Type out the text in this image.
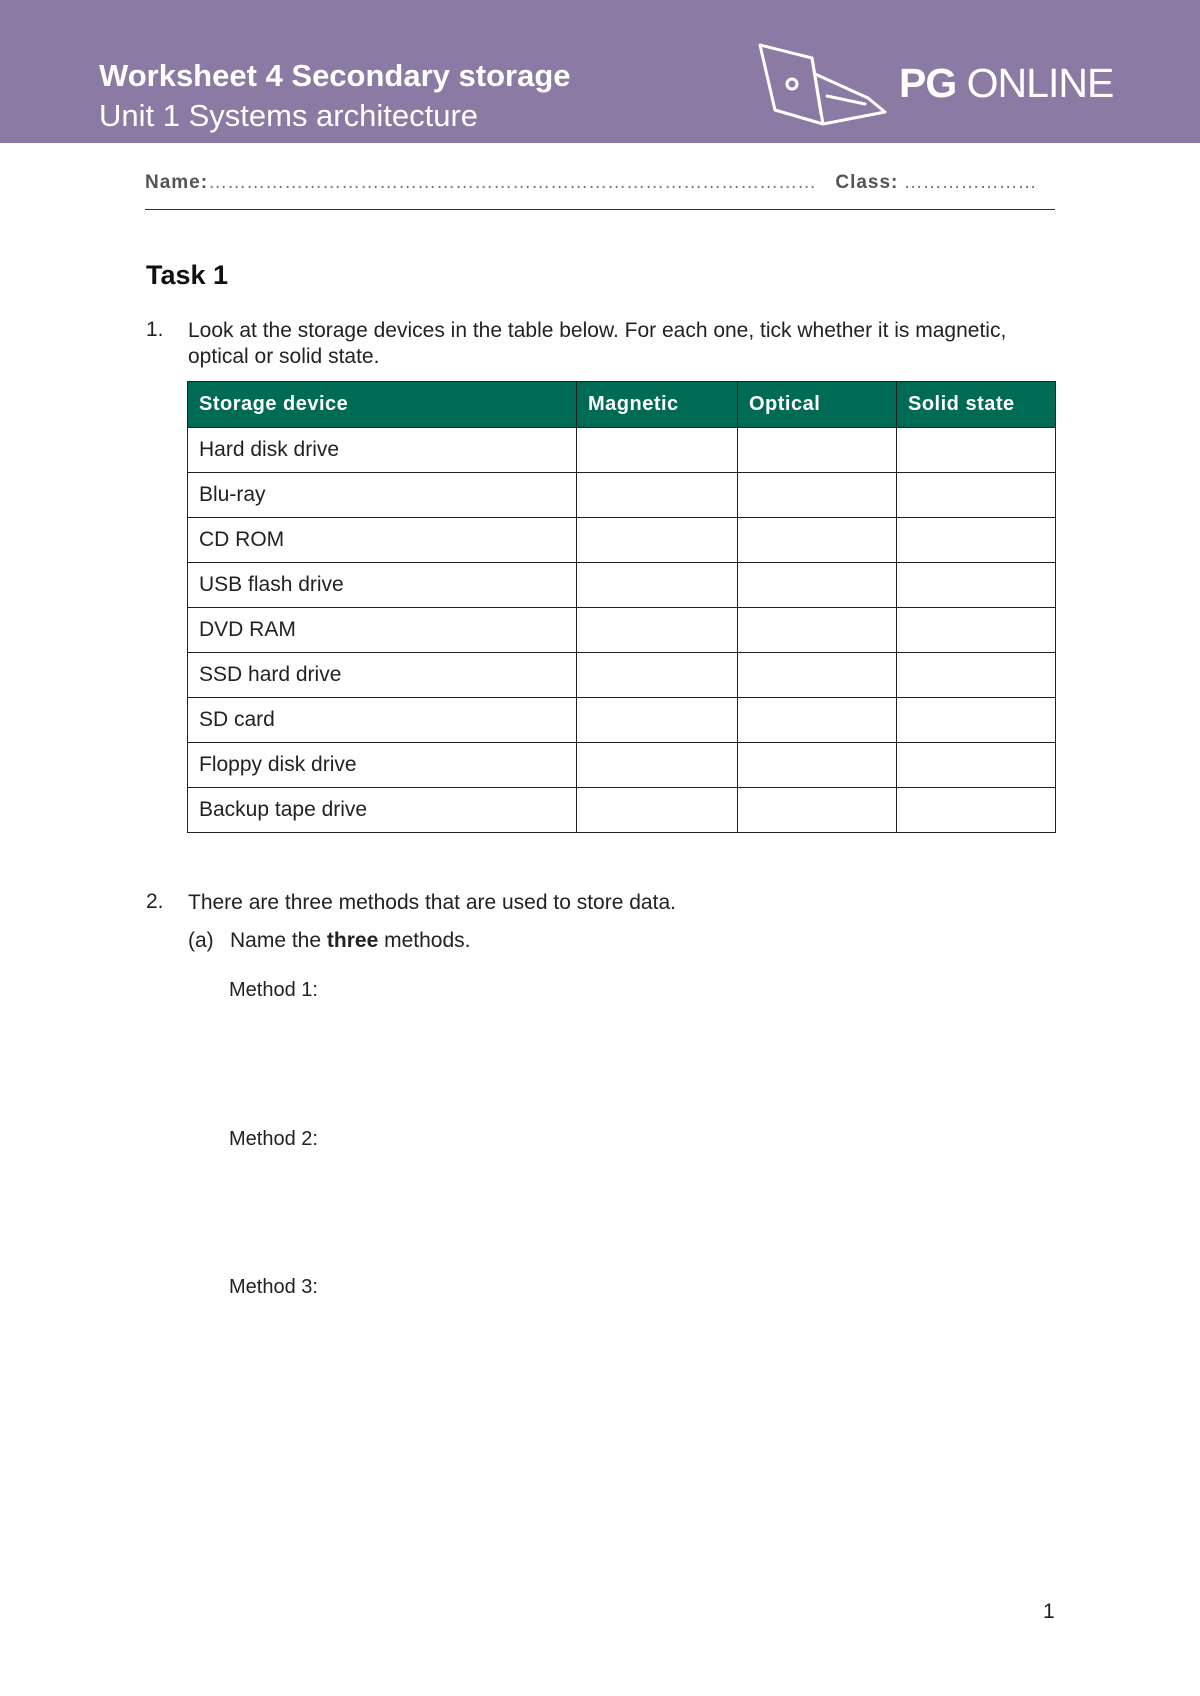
Worksheet 4 Secondary storage
Unit 1 Systems architecture
PG ONLINE
Name:…………………………………………………………………………………… Class: …………………
Task 1
1. Look at the storage devices in the table below. For each one, tick whether it is magnetic, optical or solid state.
Storage device	Magnetic	Optical	Solid state
Hard disk drive			
Blu-ray			
CD ROM			
USB flash drive			
DVD RAM			
SSD hard drive			
SD card			
Floppy disk drive			
Backup tape drive			
2. There are three methods that are used to store data.
(a) Name the three methods.
Method 1:
Method 2:
Method 3:
1
